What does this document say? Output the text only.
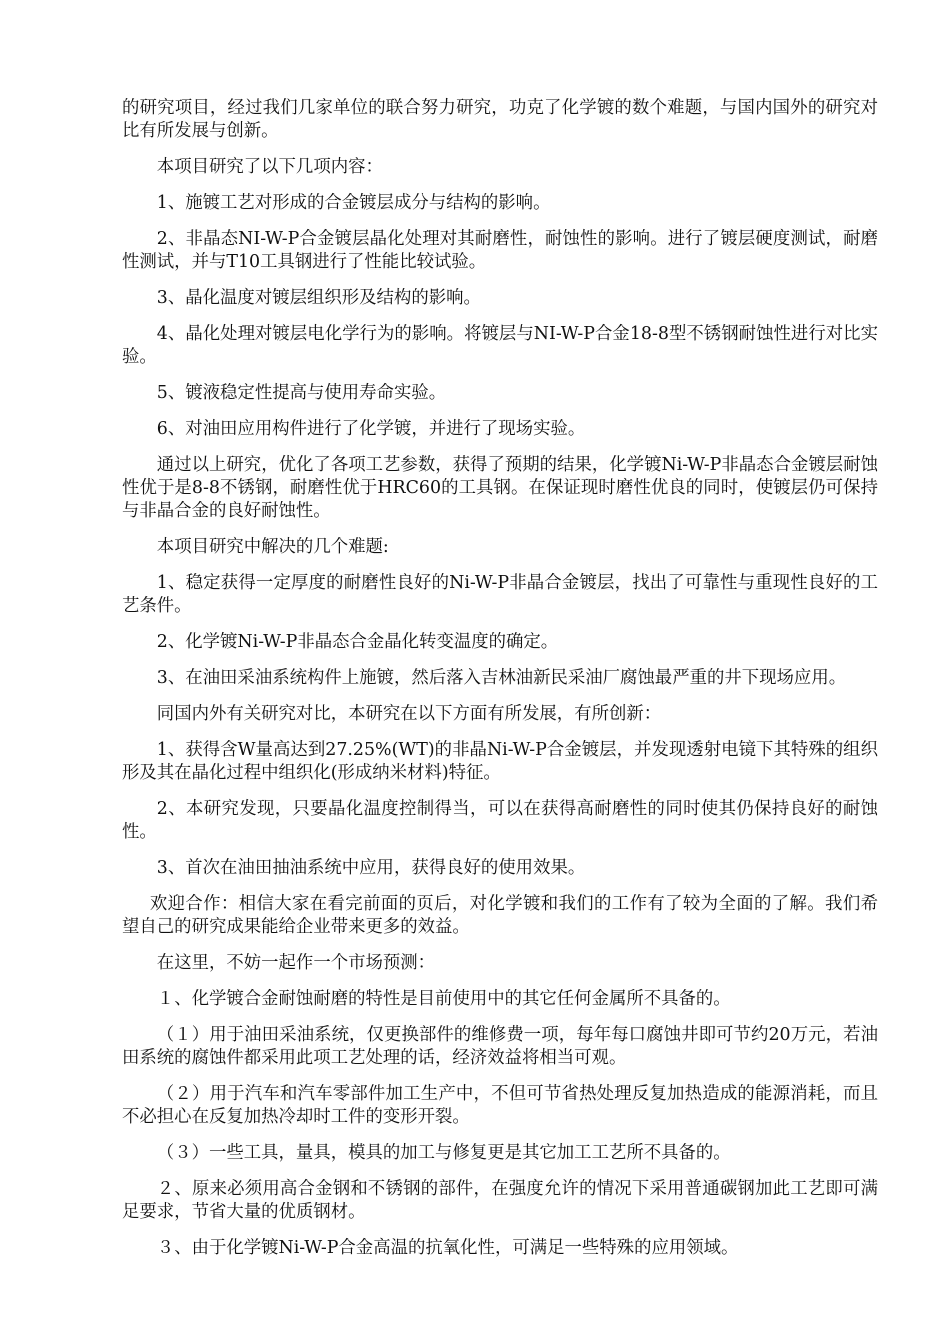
的研究项目，经过我们几家单位的联合努力研究，功克了化学镀的数个难题，与国内国外的研究对比有所发展与创新。

本项目研究了以下几项内容：

1、施镀工艺对形成的合金镀层成分与结构的影响。

2、非晶态NI-W-P合金镀层晶化处理对其耐磨性，耐蚀性的影响。进行了镀层硬度测试，耐磨性测试，并与T10工具钢进行了性能比较试验。

3、晶化温度对镀层组织形及结构的影响。

4、晶化处理对镀层电化学行为的影响。将镀层与NI-W-P合金18-8型不锈钢耐蚀性进行对比实验。

5、镀液稳定性提高与使用寿命实验。

6、对油田应用构件进行了化学镀，并进行了现场实验。

通过以上研究，优化了各项工艺参数，获得了预期的结果，化学镀Ni-W-P非晶态合金镀层耐蚀性优于是8-8不锈钢，耐磨性优于HRC60的工具钢。在保证现时磨性优良的同时，使镀层仍可保持与非晶合金的良好耐蚀性。

本项目研究中解决的几个难题:

1、稳定获得一定厚度的耐磨性良好的Ni-W-P非晶合金镀层，找出了可靠性与重现性良好的工艺条件。

2、化学镀Ni-W-P非晶态合金晶化转变温度的确定。

3、在油田采油系统构件上施镀，然后落入吉林油新民采油厂腐蚀最严重的井下现场应用。

同国内外有关研究对比，本研究在以下方面有所发展，有所创新：

1、获得含W量高达到27.25%(WT)的非晶Ni-W-P合金镀层，并发现透射电镜下其特殊的组织形及其在晶化过程中组织化(形成纳米材料)特征。

2、本研究发现，只要晶化温度控制得当，可以在获得高耐磨性的同时使其仍保持良好的耐蚀性。

3、首次在油田抽油系统中应用，获得良好的使用效果。

欢迎合作：相信大家在看完前面的页后，对化学镀和我们的工作有了较为全面的了解。我们希望自己的研究成果能给企业带来更多的效益。

在这里，不妨一起作一个市场预测：

１、化学镀合金耐蚀耐磨的特性是目前使用中的其它任何金属所不具备的。

（１）用于油田采油系统，仅更换部件的维修费一项，每年每口腐蚀井即可节约20万元，若油田系统的腐蚀件都采用此项工艺处理的话，经济效益将相当可观。

（２）用于汽车和汽车零部件加工生产中，不但可节省热处理反复加热造成的能源消耗，而且不必担心在反复加热冷却时工件的变形开裂。

（３）一些工具，量具，模具的加工与修复更是其它加工工艺所不具备的。

２、原来必须用高合金钢和不锈钢的部件，在强度允许的情况下采用普通碳钢加此工艺即可满足要求，节省大量的优质钢材。

３、由于化学镀Ni-W-P合金高温的抗氧化性，可满足一些特殊的应用领域。
